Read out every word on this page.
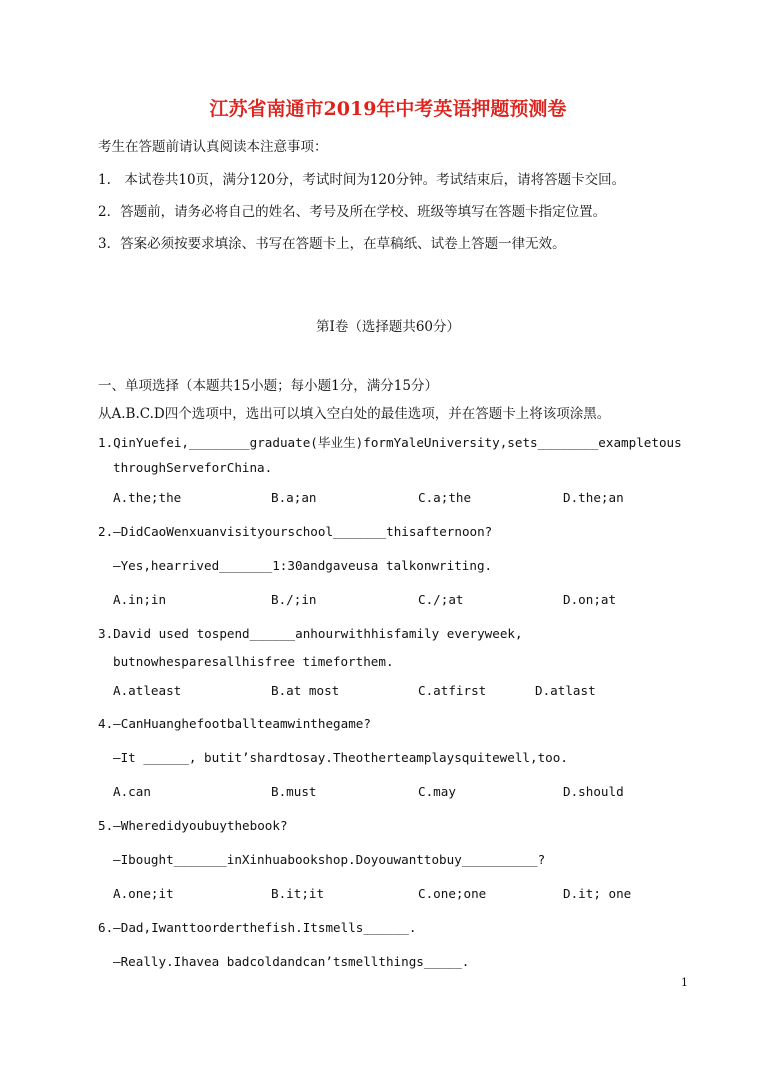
江苏省南通市2019年中考英语押题预测卷
考生在答题前请认真阅读本注意事项：
1.　本试卷共10页，满分120分，考试时间为120分钟。考试结束后，请将答题卡交回。
2．答题前，请务必将自己的姓名、考号及所在学校、班级等填写在答题卡指定位置。
3．答案必须按要求填涂、书写在答题卡上，在草稿纸、试卷上答题一律无效。
第Ⅰ卷（选择题共60分）
一、单项选择（本题共15小题；每小题1分，满分15分）
从A.B.C.D四个选项中，选出可以填入空白处的最佳选项，并在答题卡上将该项涂黑。
1.QinYuefei,________graduate(毕业生)formYaleUniversity,sets________exampletous
throughServeforChina.
A.the;the	B.a;an	C.a;the	D.the;an
2.—DidCaoWenxuanvisityourschool_______thisafternoon?
—Yes,hearrived_______1:30andgaveusa talkonwriting.
A.in;in	B./;in	C./;at	D.on;at
3.David used tospend______anhourwithhisfamily everyweek,
butnowhesparesallhisfree timeforthem.
A.atleast	B.at most	C.atfirst	D.atlast
4.—CanHuanghefootballteamwinthegame?
—It ______, butit’shardtosay.Theotherteamplaysquitewell,too.
A.can	B.must	C.may	D.should
5.—Wheredidyoubuythebook?
—Ibought_______inXinhuabookshop.Doyouwanttobuy__________?
A.one;it	B.it;it	C.one;one	D.it; one
6.—Dad,Iwanttoorderthefish.Itsmells______.
—Really.Ihavea badcoldandcan’tsmellthings_____.
1
